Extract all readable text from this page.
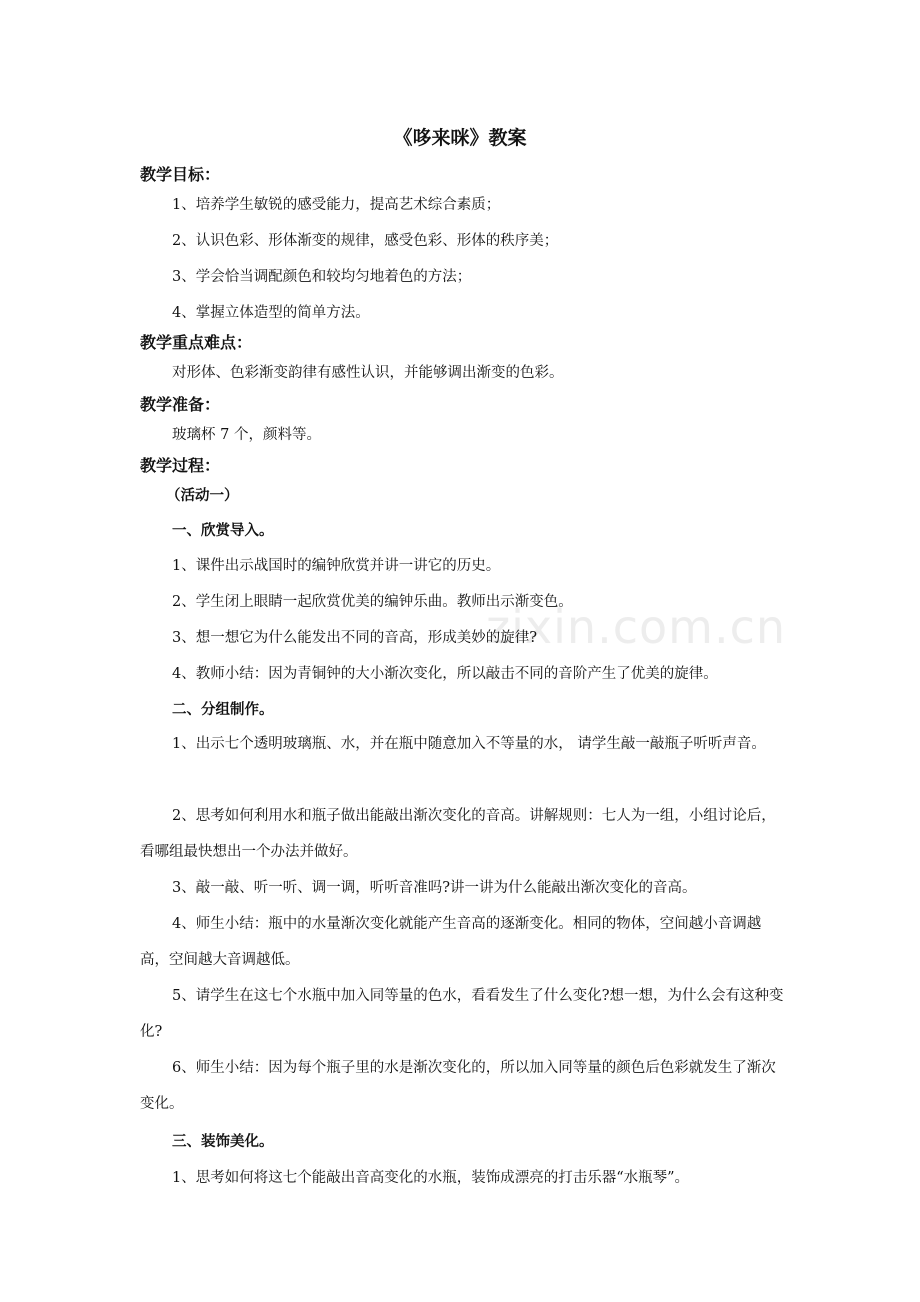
zixin.com.cn
《哆来咪》教案
教学目标：
1、培养学生敏锐的感受能力，提高艺术综合素质；
2、认识色彩、形体渐变的规律，感受色彩、形体的秩序美；
3、学会恰当调配颜色和较均匀地着色的方法；
4、掌握立体造型的简单方法。
教学重点难点：
对形体、色彩渐变韵律有感性认识，并能够调出渐变的色彩。
教学准备：
玻璃杯 7 个，颜料等。
教学过程：
（活动一）
一、欣赏导入。
1、课件出示战国时的编钟欣赏并讲一讲它的历史。
2、学生闭上眼睛一起欣赏优美的编钟乐曲。教师出示渐变色。
3、想一想它为什么能发出不同的音高，形成美妙的旋律?
4、教师小结：因为青铜钟的大小渐次变化，所以敲击不同的音阶产生了优美的旋律。
二、分组制作。
1、出示七个透明玻璃瓶、水，并在瓶中随意加入不等量的水， 请学生敲一敲瓶子听听声音。
2、思考如何利用水和瓶子做出能敲出渐次变化的音高。讲解规则：七人为一组，小组讨论后，看哪组最快想出一个办法并做好。
3、敲一敲、听一听、调一调，听听音准吗?讲一讲为什么能敲出渐次变化的音高。
4、师生小结：瓶中的水量渐次变化就能产生音高的逐渐变化。相同的物体，空间越小音调越高，空间越大音调越低。
5、请学生在这七个水瓶中加入同等量的色水，看看发生了什么变化?想一想，为什么会有这种变化?
6、师生小结：因为每个瓶子里的水是渐次变化的，所以加入同等量的颜色后色彩就发生了渐次变化。
三、装饰美化。
1、思考如何将这七个能敲出音高变化的水瓶，装饰成漂亮的打击乐器“水瓶琴”。
